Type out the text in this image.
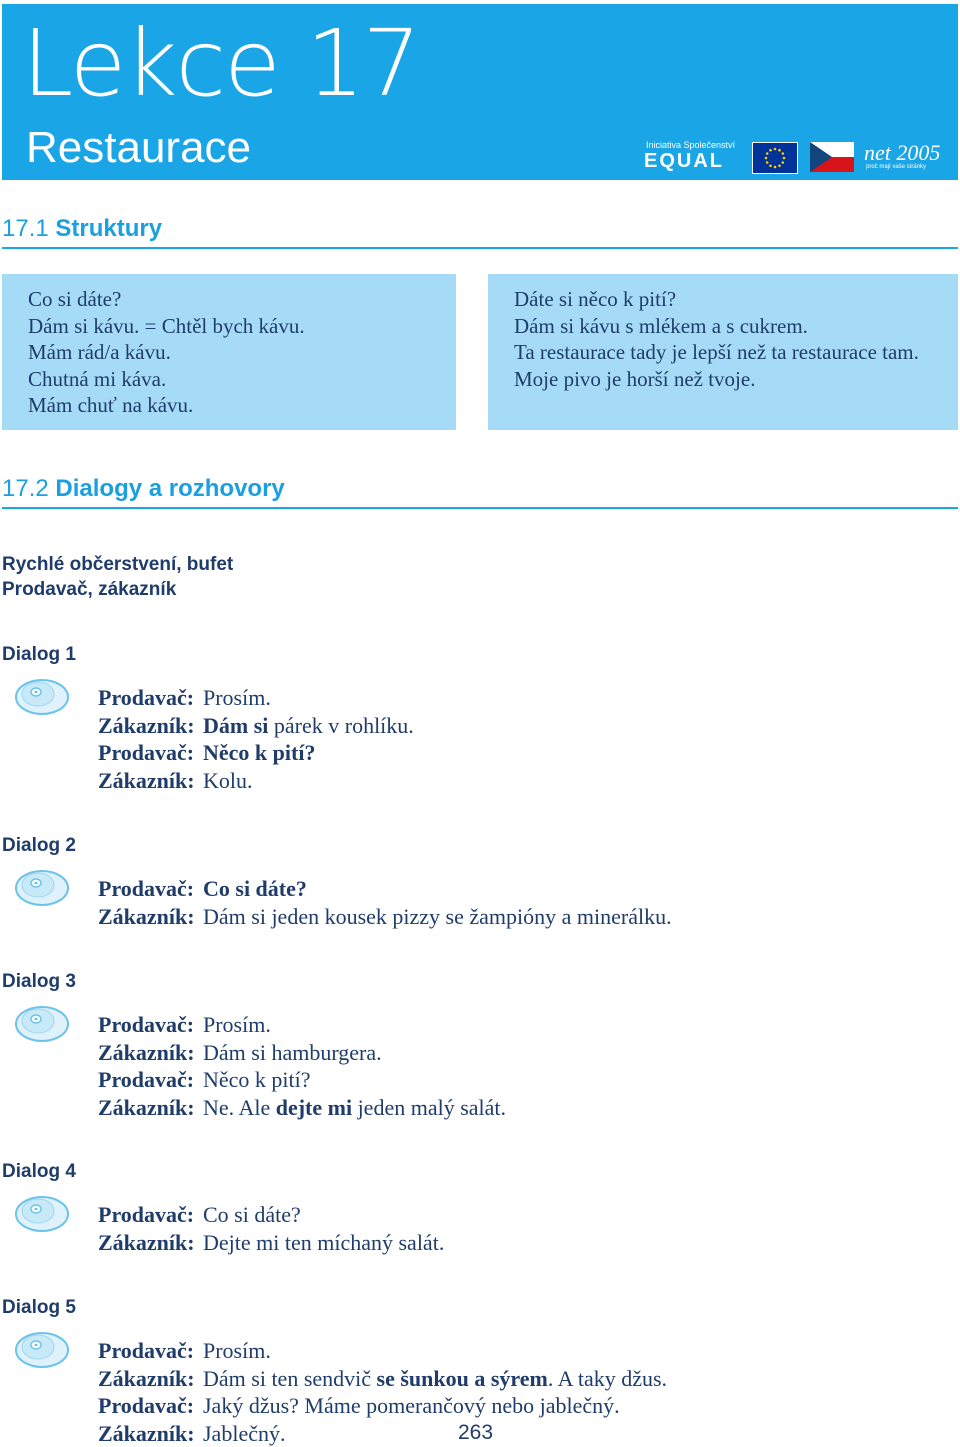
Lekce 17
Restaurace	Iniciativa Společenství
EQUAL	net 2005
proč mají vaše stránky
17.1 Struktury
Co si dáte?
Dám si kávu. = Chtěl bych kávu.
Mám rád/a kávu.
Chutná mi káva.
Mám chuť na kávu.
Dáte si něco k pití?
Dám si kávu s mlékem a s cukrem.
Ta restaurace tady je lepší než ta restaurace tam.
Moje pivo je horší než tvoje.
17.2 Dialogy a rozhovory
Rychlé občerstvení, bufet
Prodavač, zákazník
Dialog 1
Prodavač: Prosím.
Zákazník: Dám si párek v rohlíku.
Prodavač: Něco k pití?
Zákazník: Kolu.
Dialog 2
Prodavač: Co si dáte?
Zákazník: Dám si jeden kousek pizzy se žampióny a minerálku.
Dialog 3
Prodavač: Prosím.
Zákazník: Dám si hamburgera.
Prodavač: Něco k pití?
Zákazník: Ne. Ale dejte mi jeden malý salát.
Dialog 4
Prodavač: Co si dáte?
Zákazník: Dejte mi ten míchaný salát.
Dialog 5
Prodavač: Prosím.
Zákazník: Dám si ten sendvič se šunkou a sýrem. A taky džus.
Prodavač: Jaký džus? Máme pomerančový nebo jablečný.
Zákazník: Jablečný.	263
